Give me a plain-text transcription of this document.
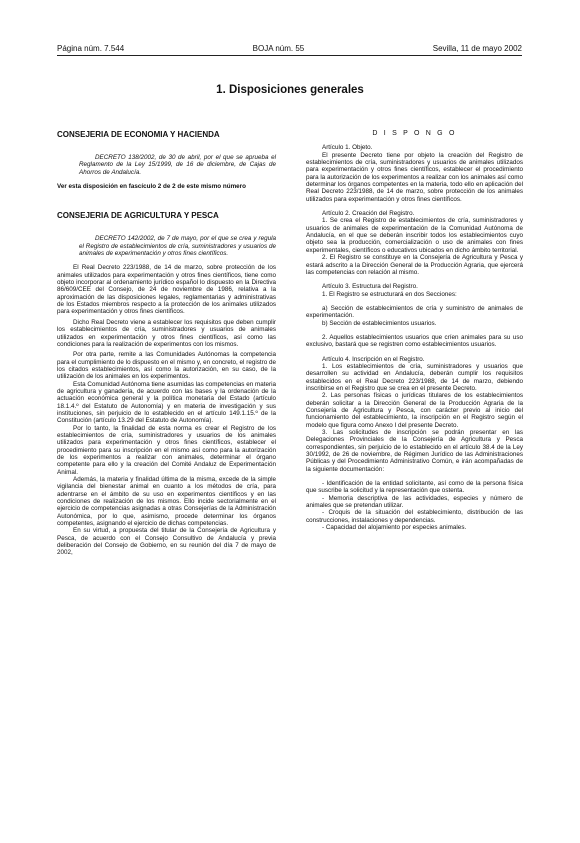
Página núm. 7.544	BOJA núm. 55	Sevilla, 11 de mayo 2002
1. Disposiciones generales
CONSEJERIA DE ECONOMIA Y HACIENDA
DECRETO 138/2002, de 30 de abril, por el que se aprueba el Reglamento de la Ley 15/1999, de 16 de diciembre, de Cajas de Ahorros de Andalucía.
Ver esta disposición en fascículo 2 de 2 de este mismo número
CONSEJERIA DE AGRICULTURA Y PESCA
DECRETO 142/2002, de 7 de mayo, por el que se crea y regula el Registro de establecimientos de cría, suministradores y usuarios de animales de experimentación y otros fines científicos.

El Real Decreto 223/1988, de 14 de marzo, sobre protección de los animales utilizados para experimentación y otros fines científicos, tiene como objeto incorporar al ordenamiento jurídico español lo dispuesto en la Directiva 86/609/CEE del Consejo, de 24 de noviembre de 1986, relativa a la aproximación de las disposiciones legales, reglamentarias y administrativas de los Estados miembros respecto a la protección de los animales utilizados para experimentación y otros fines científicos.

Dicho Real Decreto viene a establecer los requisitos que deben cumplir los establecimientos de cría, suministradores y usuarios de animales utilizados en experimentación y otros fines científicos, así como las condiciones para la realización de experimentos con los mismos.

Por otra parte, remite a las Comunidades Autónomas la competencia para el cumplimiento de lo dispuesto en el mismo y, en concreto, el registro de los citados establecimientos, así como la autorización, en su caso, de la utilización de los animales en los experimentos.

Esta Comunidad Autónoma tiene asumidas las competencias en materia de agricultura y ganadería, de acuerdo con las bases y la ordenación de la actuación económica general y la política monetaria del Estado (artículo 18.1.4.º del Estatuto de Autonomía) y en materia de investigación y sus instituciones, sin perjuicio de lo establecido en el artículo 149.1.15.º de la Constitución (artículo 13.29 del Estatuto de Autonomía).

Por lo tanto, la finalidad de esta norma es crear el Registro de los establecimientos de cría, suministradores y usuarios de los animales utilizados para experimentación y otros fines científicos, establecer el procedimiento para su inscripción en el mismo así como para la autorización de los experimentos a realizar con animales, determinar el órgano competente para ello y la creación del Comité Andaluz de Experimentación Animal.

Además, la materia y finalidad última de la misma, excede de la simple vigilancia del bienestar animal en cuanto a los métodos de cría, para adentrarse en el ámbito de su uso en experimentos científicos y en las condiciones de realización de los mismos. Ello incide sectorialmente en el ejercicio de competencias asignadas a otras Consejerías de la Administración Autonómica, por lo que, asimismo, procede determinar los órganos competentes, asignando el ejercicio de dichas competencias.

En su virtud, a propuesta del titular de la Consejería de Agricultura y Pesca, de acuerdo con el Consejo Consultivo de Andalucía y previa deliberación del Consejo de Gobierno, en su reunión del día 7 de mayo de 2002,

D I S P O N G O

Artículo 1. Objeto.

El presente Decreto tiene por objeto la creación del Registro de establecimientos de cría, suministradores y usuarios de animales utilizados para experimentación y otros fines científicos, establecer el procedimiento para la autorización de los experimentos a realizar con los animales así como determinar los órganos competentes en la materia, todo ello en aplicación del Real Decreto 223/1988, de 14 de marzo, sobre protección de los animales utilizados para experimentación y otros fines científicos.

Artículo 2. Creación del Registro.

1. Se crea el Registro de establecimientos de cría, suministradores y usuarios de animales de experimentación de la Comunidad Autónoma de Andalucía, en el que se deberán inscribir todos los establecimientos cuyo objeto sea la producción, comercialización o uso de animales con fines experimentales, científicos o educativos ubicados en dicho ámbito territorial.

2. El Registro se constituye en la Consejería de Agricultura y Pesca y estará adscrito a la Dirección General de la Producción Agraria, que ejercerá las competencias con relación al mismo.

Artículo 3. Estructura del Registro.

1. El Registro se estructurará en dos Secciones:

a) Sección de establecimientos de cría y suministro de animales de experimentación.

b) Sección de establecimientos usuarios.

2. Aquellos establecimientos usuarios que críen animales para su uso exclusivo, bastará que se registren como establecimientos usuarios.

Artículo 4. Inscripción en el Registro.

1. Los establecimientos de cría, suministradores y usuarios que desarrollen su actividad en Andalucía, deberán cumplir los requisitos establecidos en el Real Decreto 223/1988, de 14 de marzo, debiendo inscribirse en el Registro que se crea en el presente Decreto.

2. Las personas físicas o jurídicas titulares de los establecimientos deberán solicitar a la Dirección General de la Producción Agraria de la Consejería de Agricultura y Pesca, con carácter previo al inicio del funcionamiento del establecimiento, la inscripción en el Registro según el modelo que figura como Anexo I del presente Decreto.

3. Las solicitudes de inscripción se podrán presentar en las Delegaciones Provinciales de la Consejería de Agricultura y Pesca correspondientes, sin perjuicio de lo establecido en el artículo 38.4 de la Ley 30/1992, de 26 de noviembre, de Régimen Jurídico de las Administraciones Públicas y del Procedimiento Administrativo Común, e irán acompañadas de la siguiente documentación:

- Identificación de la entidad solicitante, así como de la persona física que suscribe la solicitud y la representación que ostenta.

- Memoria descriptiva de las actividades, especies y número de animales que se pretendan utilizar.

- Croquis de la situación del establecimiento, distribución de las construcciones, instalaciones y dependencias.

- Capacidad del alojamiento por especies animales.
